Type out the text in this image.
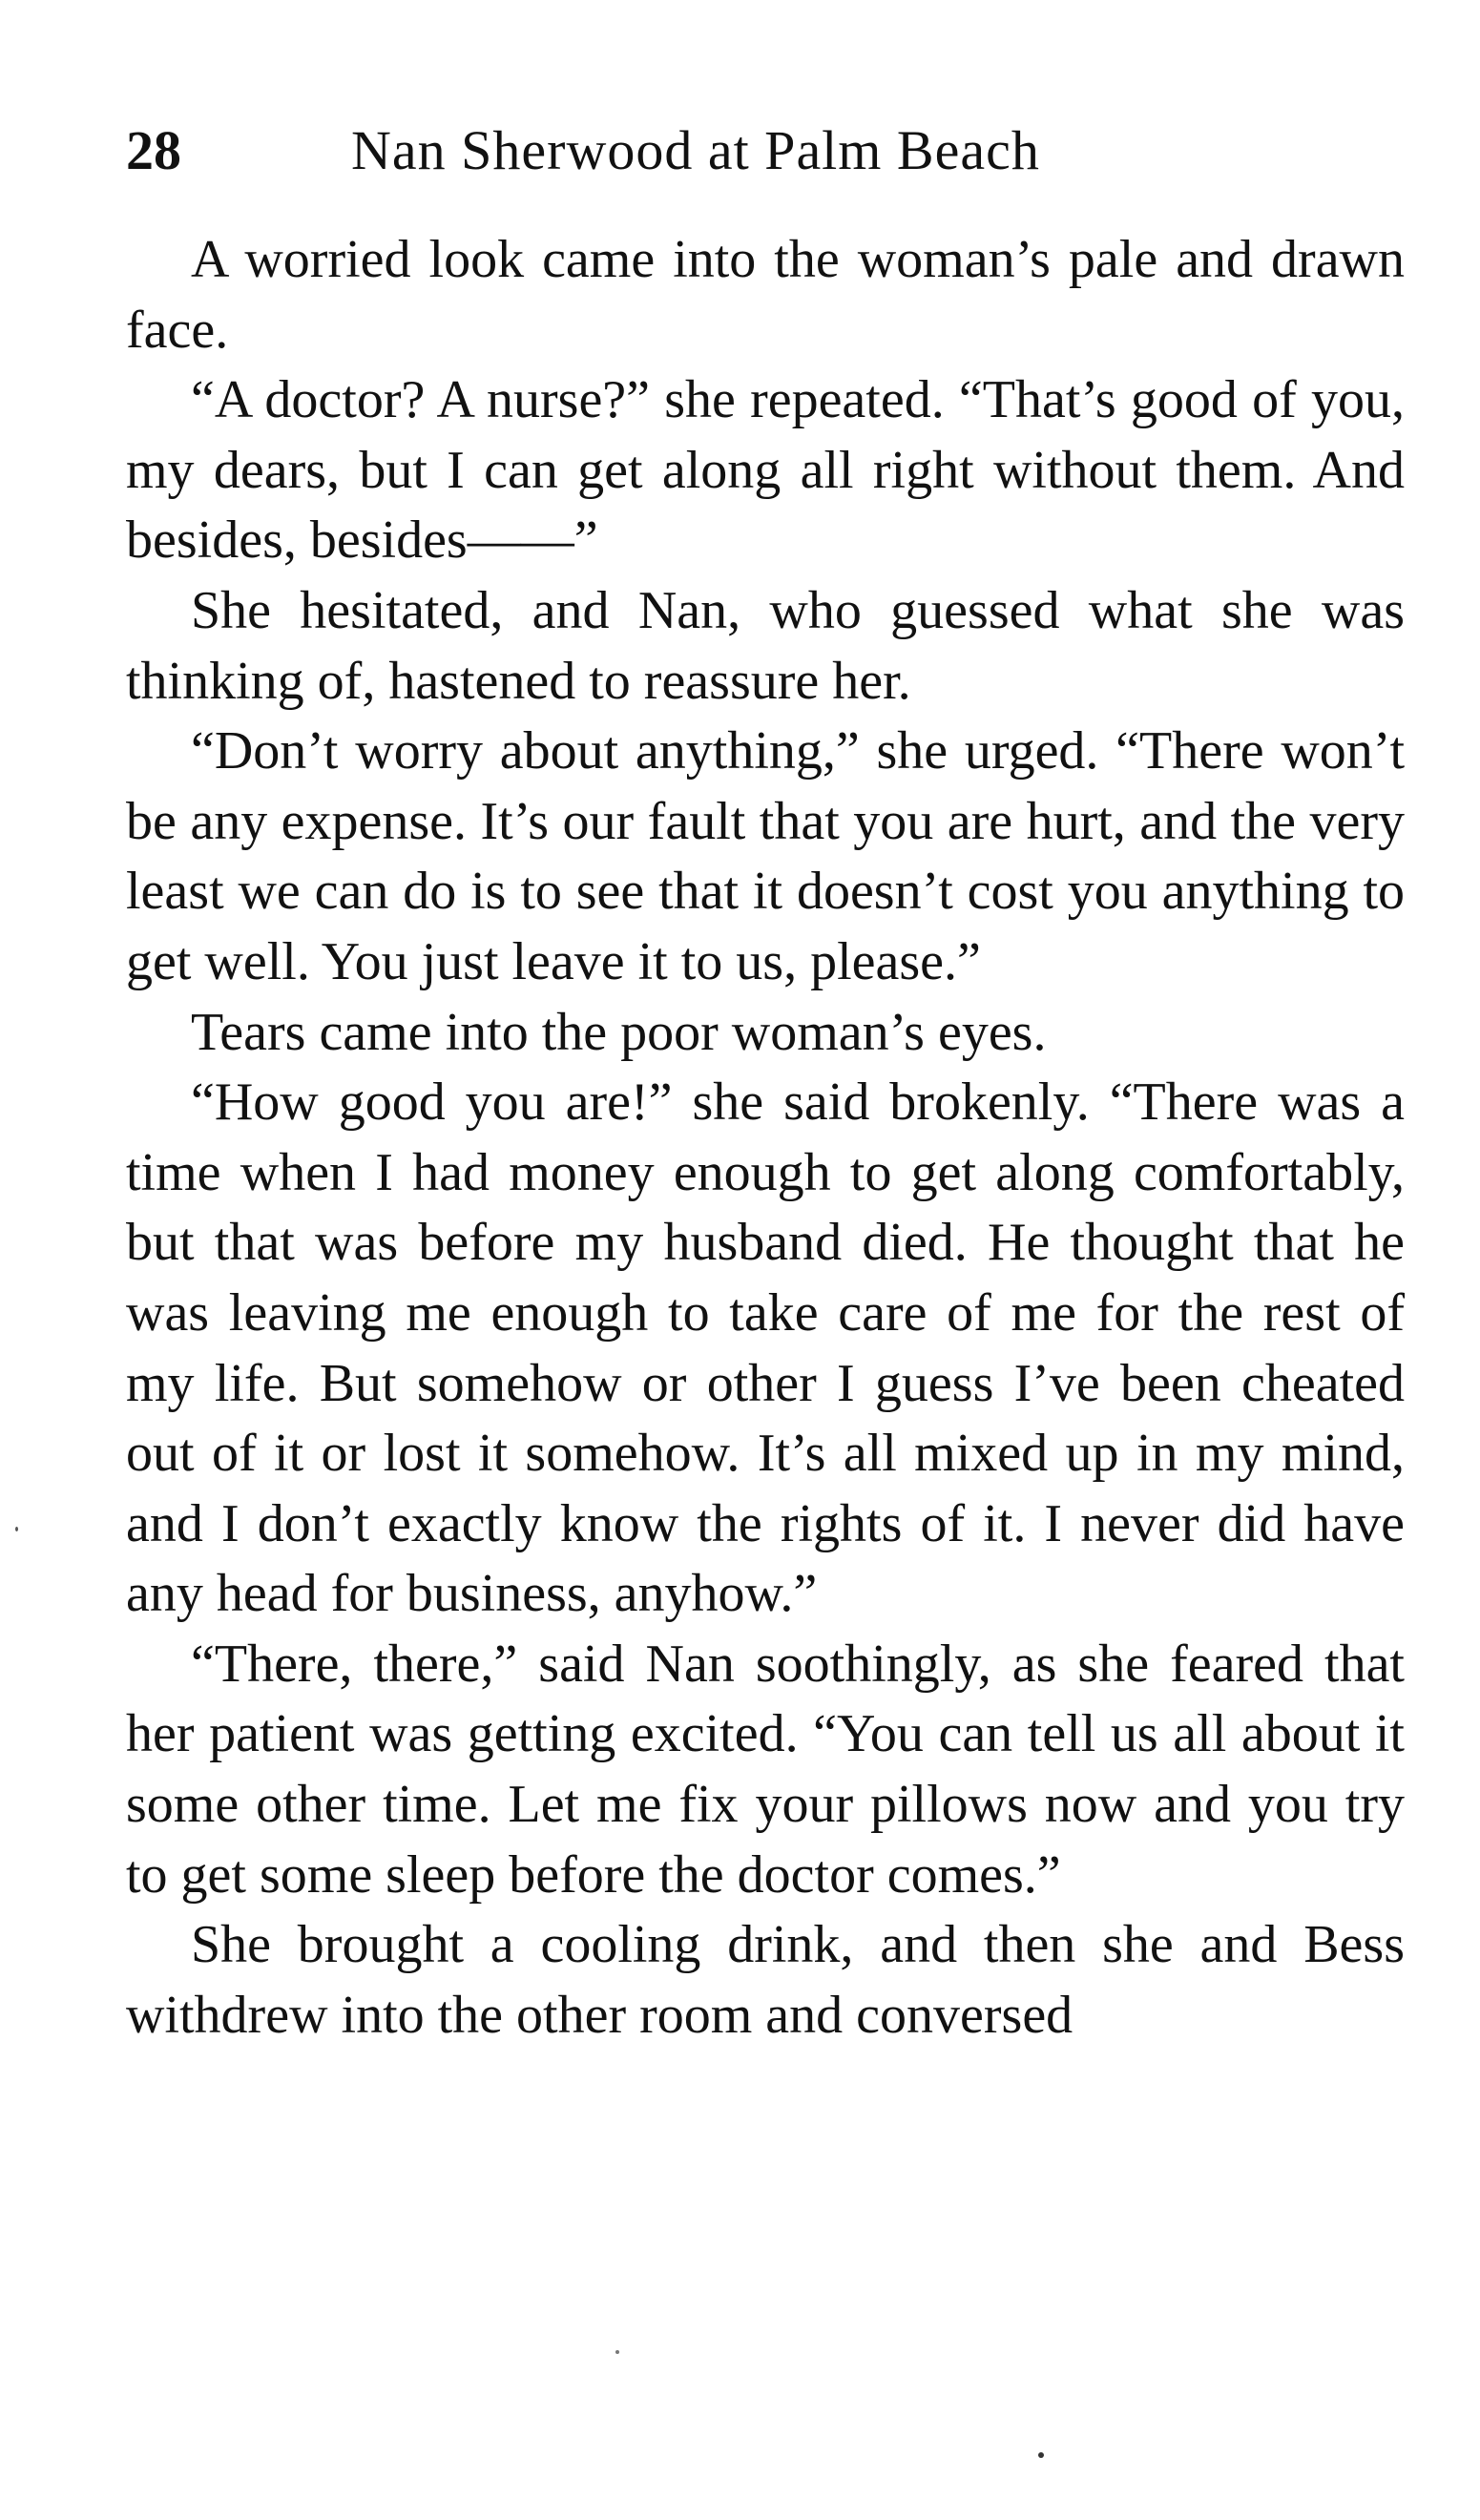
28	Nan Sherwood at Palm Beach

A worried look came into the woman’s pale and drawn face.

“A doctor? A nurse?” she repeated. “That’s good of you, my dears, but I can get along all right without them. And besides, besides——”

She hesitated, and Nan, who guessed what she was thinking of, hastened to reassure her.

“Don’t worry about anything,” she urged. “There won’t be any expense. It’s our fault that you are hurt, and the very least we can do is to see that it doesn’t cost you anything to get well. You just leave it to us, please.”

Tears came into the poor woman’s eyes.

“How good you are!” she said brokenly. “There was a time when I had money enough to get along comfortably, but that was before my husband died. He thought that he was leaving me enough to take care of me for the rest of my life. But somehow or other I guess I’ve been cheated out of it or lost it somehow. It’s all mixed up in my mind, and I don’t exactly know the rights of it. I never did have any head for business, anyhow.”

“There, there,” said Nan soothingly, as she feared that her patient was getting excited. “You can tell us all about it some other time. Let me fix your pillows now and you try to get some sleep before the doctor comes.”

She brought a cooling drink, and then she and Bess withdrew into the other room and conversed
